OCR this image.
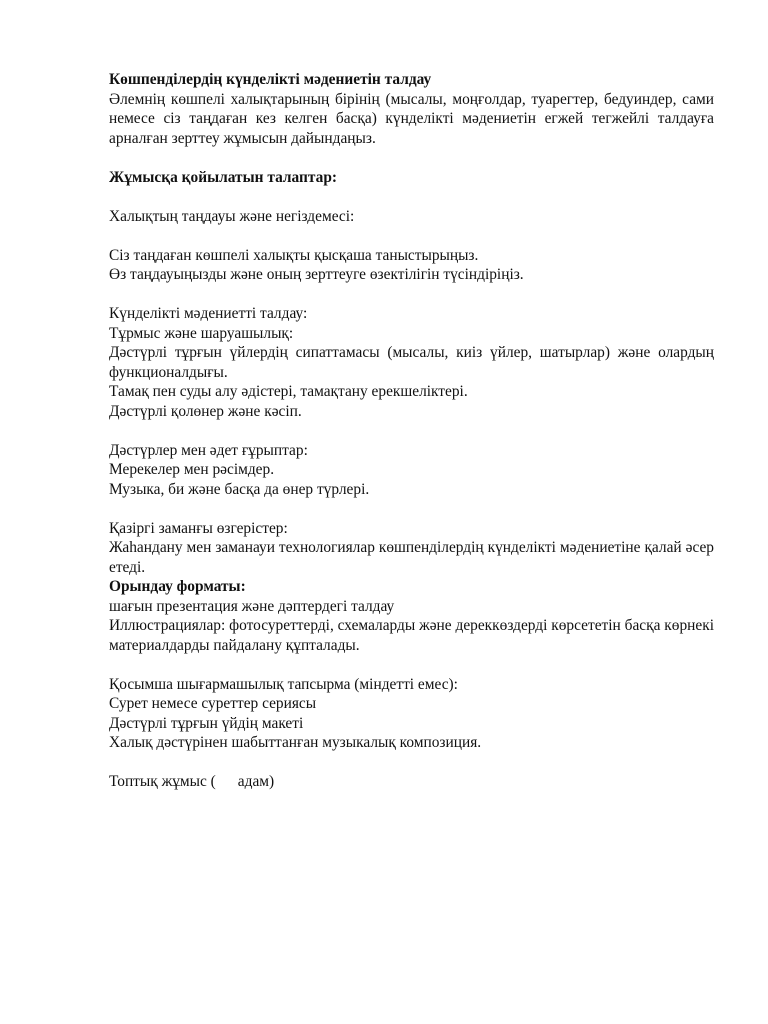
Көшпенділердің күнделікті мәдениетін талдау

Әлемнің көшпелі халықтарының бірінің (мысалы, моңғолдар, туарегтер, бедуиндер, сами немесе сіз таңдаған кез келген басқа) күнделікті мәдениетін егжей тегжейлі талдауға арналған зерттеу жұмысын дайындаңыз.

Жұмысқа қойылатын талаптар:

Халықтың таңдауы және негіздемесі:

Сіз таңдаған көшпелі халықты қысқаша таныстырыңыз.

Өз таңдауыңызды және оның зерттеуге өзектілігін түсіндіріңіз.

Күнделікті мәдениетті талдау:

Тұрмыс және шаруашылық:

Дәстүрлі тұрғын үйлердің сипаттамасы (мысалы, киіз үйлер, шатырлар) және олардың функционалдығы.

Тамақ пен суды алу әдістері, тамақтану ерекшеліктері.

Дәстүрлі қолөнер және кәсіп.

Дәстүрлер мен әдет ғұрыптар:

Мерекелер мен рәсімдер.

Музыка, би және басқа да өнер түрлері.

Қазіргі заманғы өзгерістер:

Жаһандану мен заманауи технологиялар көшпенділердің күнделікті мәдениетіне қалай әсер етеді.

Орындау форматы:

шағын презентация және дәптердегі талдау

Иллюстрациялар: фотосуреттерді, схемаларды және дереккөздерді көрсететін басқа көрнекі материалдарды пайдалану құпталады.

Қосымша шығармашылық тапсырма (міндетті емес):

Сурет немесе суреттер сериясы

Дәстүрлі тұрғын үйдің макеті

Халық дәстүрінен шабыттанған музыкалық композиция.

Топтық жұмыс ( адам)
